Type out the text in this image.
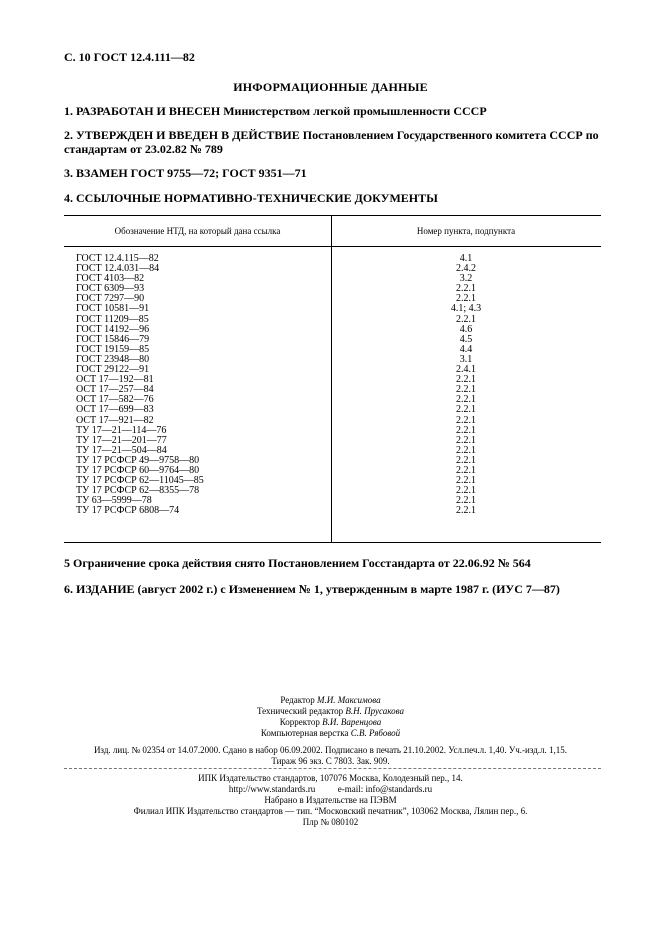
С. 10 ГОСТ 12.4.111—82
ИНФОРМАЦИОННЫЕ ДАННЫЕ
1. РАЗРАБОТАН И ВНЕСЕН Министерством легкой промышленности СССР
2. УТВЕРЖДЕН И ВВЕДЕН В ДЕЙСТВИЕ Постановлением Государственного комитета СССР по стандартам от 23.02.82 № 789
3. ВЗАМЕН ГОСТ 9755—72; ГОСТ 9351—71
4. ССЫЛОЧНЫЕ НОРМАТИВНО-ТЕХНИЧЕСКИЕ ДОКУМЕНТЫ
Обозначение НТД, на который дана ссылка	Номер пункта, подпункта
ГОСТ 12.4.115—82	4.1
ГОСТ 12.4.031—84	2.4.2
ГОСТ 4103—82	3.2
ГОСТ 6309—93	2.2.1
ГОСТ 7297—90	2.2.1
ГОСТ 10581—91	4.1; 4.3
ГОСТ 11209—85	2.2.1
ГОСТ 14192—96	4.6
ГОСТ 15846—79	4.5
ГОСТ 19159—85	4.4
ГОСТ 23948—80	3.1
ГОСТ 29122—91	2.4.1
ОСТ 17—192—81	2.2.1
ОСТ 17—257—84	2.2.1
ОСТ 17—582—76	2.2.1
ОСТ 17—699—83	2.2.1
ОСТ 17—921—82	2.2.1
ТУ 17—21—114—76	2.2.1
ТУ 17—21—201—77	2.2.1
ТУ 17—21—504—84	2.2.1
ТУ 17 РСФСР 49—9758—80	2.2.1
ТУ 17 РСФСР 60—9764—80	2.2.1
ТУ 17 РСФСР 62—11045—85	2.2.1
ТУ 17 РСФСР 62—8355—78	2.2.1
ТУ 63—5999—78	2.2.1
ТУ 17 РСФСР 6808—74	2.2.1
5 Ограничение срока действия снято Постановлением Госстандарта от 22.06.92 № 564
6. ИЗДАНИЕ (август 2002 г.) с Изменением № 1, утвержденным в марте 1987 г. (ИУС 7—87)
Редактор М.И. Максимова
Технический редактор В.Н. Прусакова
Корректор В.И. Варенцова
Компьютерная верстка С.В. Рябовой
Изд. лиц. № 02354 от 14.07.2000. Сдано в набор 06.09.2002. Подписано в печать 21.10.2002. Усл.печ.л. 1,40. Уч.-изд.л. 1,15.
Тираж 96 экз. С 7803. Зак. 909.
ИПК Издательство стандартов, 107076 Москва, Колодезный пер., 14.
http://www.standards.ru          e-mail: info@standards.ru
Набрано в Издательстве на ПЭВМ
Филиал ИПК Издательство стандартов — тип. “Московский печатник”, 103062 Москва, Лялин пер., 6.
Плр № 080102
